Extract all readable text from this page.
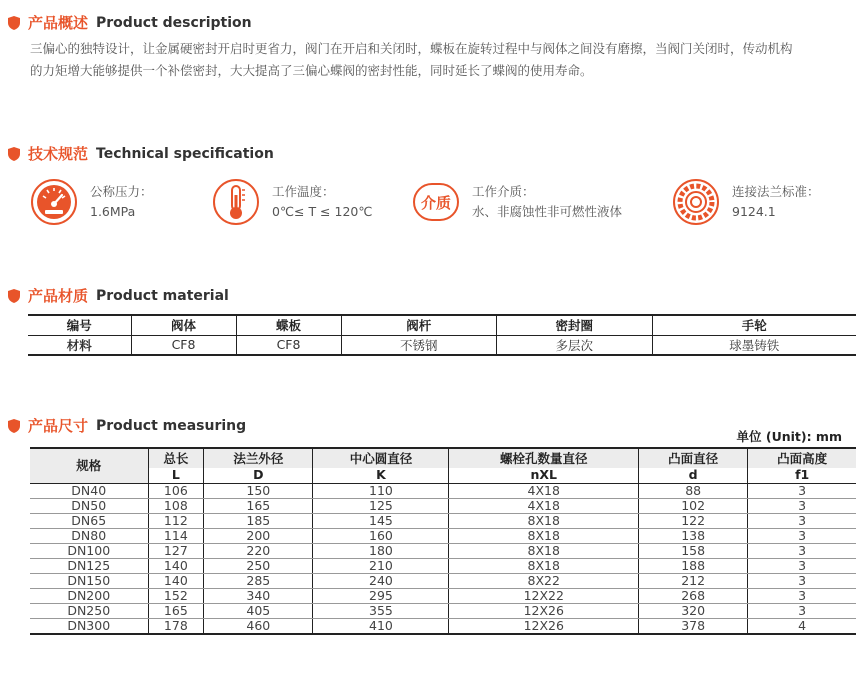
产品概述 Product description
三偏心的独特设计，让金属硬密封开启时更省力，阀门在开启和关闭时，蝶板在旋转过程中与阀体之间没有磨擦，当阀门关闭时，传动机构
的力矩增大能够提供一个补偿密封，大大提高了三偏心蝶阀的密封性能，同时延长了蝶阀的使用寿命。
技术规范 Technical specification
公称压力：
1.6MPa
工作温度：
0℃≤ T ≤ 120℃	介质
工作介质：
水、非腐蚀性非可燃性液体
连接法兰标准：
9124.1
产品材质 Product material
编号	阀体	蝶板	阀杆	密封圈	手轮
材料	CF8	CF8	不锈钢	多层次	球墨铸铁
产品尺寸 Product measuring
单位 (Unit): mm
规格	总长	法兰外径	中心圆直径	螺栓孔数量直径	凸面直径	凸面高度
	L	D	K	nXL	d	f1
DN40	106	150	110	4X18	88	3
DN50	108	165	125	4X18	102	3
DN65	112	185	145	8X18	122	3
DN80	114	200	160	8X18	138	3
DN100	127	220	180	8X18	158	3
DN125	140	250	210	8X18	188	3
DN150	140	285	240	8X22	212	3
DN200	152	340	295	12X22	268	3
DN250	165	405	355	12X26	320	3
DN300	178	460	410	12X26	378	4
